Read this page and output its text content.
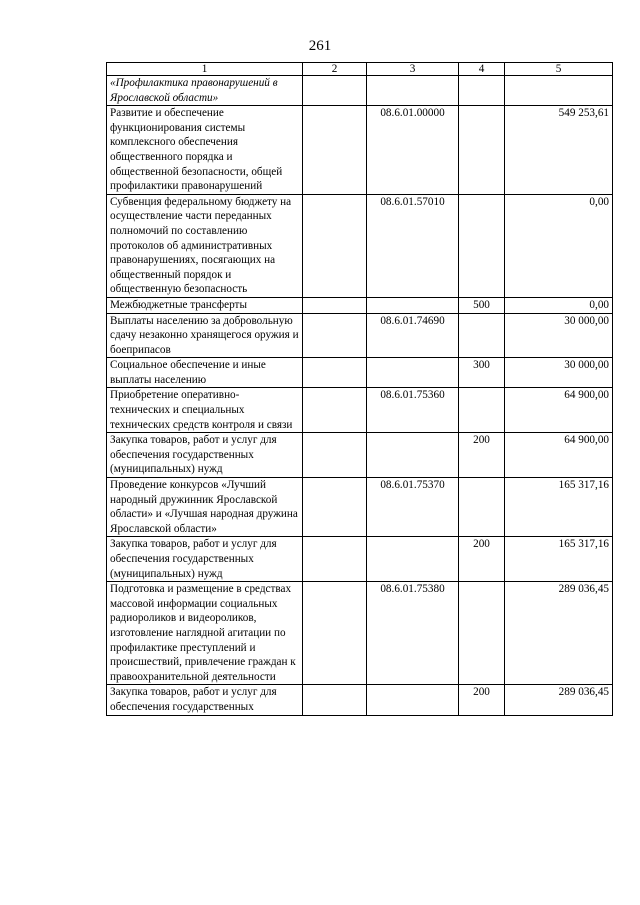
261
1	2	3	4	5
«Профилактика правонарушений в Ярославской области»				
Развитие и обеспечение функционирования системы комплексного обеспечения общественного порядка и общественной безопасности, общей профилактики правонарушений		08.6.01.00000		549 253,61
Субвенция федеральному бюджету на осуществление части переданных полномочий по составлению протоколов об административных правонарушениях, посягающих на общественный порядок и общественную безопасность		08.6.01.57010		0,00
Межбюджетные трансферты			500	0,00
Выплаты населению за добровольную сдачу незаконно хранящегося оружия и боеприпасов		08.6.01.74690		30 000,00
Социальное обеспечение и иные выплаты населению			300	30 000,00
Приобретение оперативно-технических и специальных технических средств контроля и связи		08.6.01.75360		64 900,00
Закупка товаров, работ и услуг для обеспечения государственных (муниципальных) нужд			200	64 900,00
Проведение конкурсов «Лучший народный дружинник Ярославской области» и «Лучшая народная дружина Ярославской области»		08.6.01.75370		165 317,16
Закупка товаров, работ и услуг для обеспечения государственных (муниципальных) нужд			200	165 317,16
Подготовка и размещение в средствах массовой информации социальных радиороликов и видеороликов, изготовление наглядной агитации по профилактике преступлений и происшествий, привлечение граждан к правоохранительной деятельности		08.6.01.75380		289 036,45
Закупка товаров, работ и услуг для обеспечения государственных			200	289 036,45
